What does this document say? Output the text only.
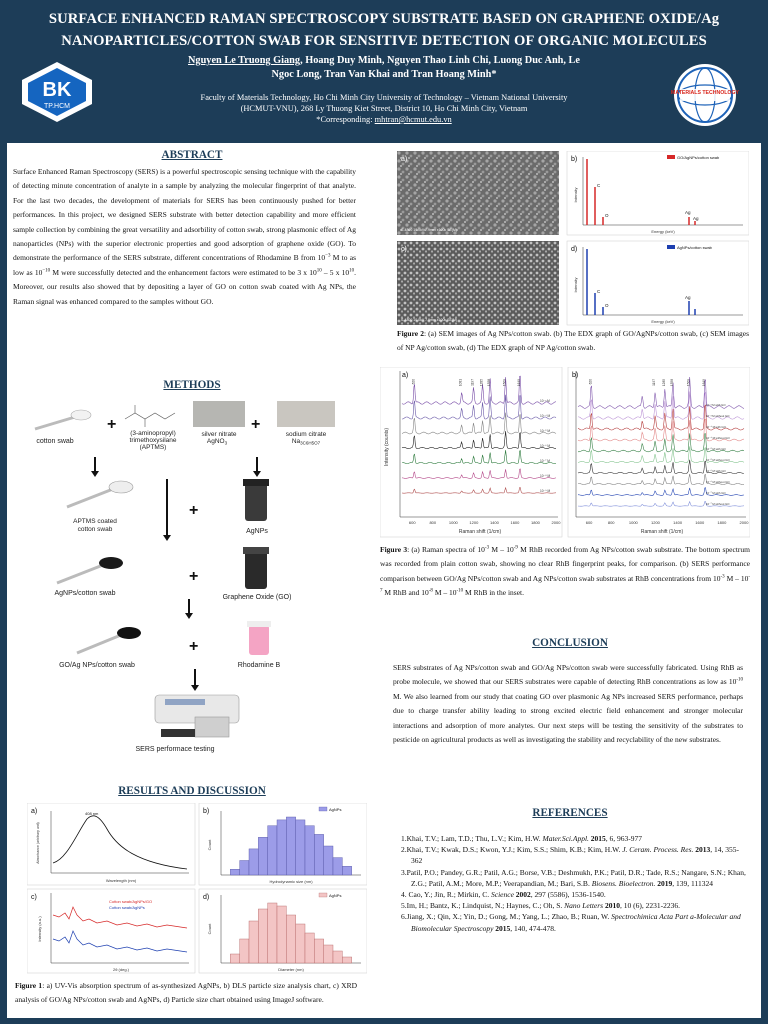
SURFACE ENHANCED RAMAN SPECTROSCOPY SUBSTRATE BASED ON GRAPHENE OXIDE/Ag
NANOPARTICLES/COTTON SWAB FOR SENSITIVE DETECTION OF ORGANIC MOLECULES
BK
TP.HCM
Nguyen Le Truong Giang, Hoang Duy Minh, Nguyen Thao Linh Chi, Luong Duc Anh, Le
Ngoc Long, Tran Van Khai and Tran Hoang Minh*
Faculty of Materials Technology, Ho Chi Minh City University of Technology – Vietnam National University
(HCMUT-VNU), 268 Ly Thuong Kiet Street, District 10, Ho Chi Minh City, Vietnam
*Corresponding: mhtran@hcmut.edu.vn
MATERIALS TECHNOLOGY
ABSTRACT
Surface Enhanced Raman Spectroscopy (SERS) is a powerful spectroscopic sensing technique with the capability of detecting minute concentration of analyte in a sample by analyzing the molecular fingerprint of that analyte. For the last two decades, the development of materials for SERS has been continuously pushed for better performances. In this project, we designed SERS substrate with better detection capability and more efficient sample collection by combining the great versatility and adsorbility of cotton swab, strong plasmonic effect of Ag nanoparticles (NPs) with the superior electronic properties and good adsorption of graphene oxide (GO). To demonstrate the performance of the SERS substrate, different concentrations of Rhodamine B from $10^{-3}$ M to as low as $10^{-10}$ M were successfully detected and the enhancement factors were estimated to be 3 x $10^{10} - 5$ x $10^{10}$. Moreover, our results also showed that by depositing a layer of GO on cotton swab coated with Ag NPs, the Raman signal was enhanced compared to the samples without GO.
METHODS
cotton swab
+
(3-aminopropyl)
trimethoxysilane
(APTMS)
silver nitrate
AgNO$_3$
+
sodium citrate
$Na_{3C6H5O7}$
APTMS coated
cotton swab
+
AgNPs
AgNPs/cotton swab
+
Graphene Oxide (GO)
GO/Ag NPs/cotton swab
+
Rhodamine B
SERS performace testing
RESULTS AND DISCUSSION
a)	408 nm
Wavelength (nm)
Absorbance (arbitrary unit)
AgNPs
Hydrodynamic size (nm)
Count
b)
c)
Cotton swab/AgNPs/GO
Cotton swab/AgNPs
2θ (deg.)
Intensity (a.u.)
AgNPs
Diameter (nm)
Count
d)
Figure 1: a) UV-Vis absorption spectrum of as-synthesized AgNPs, b) DLS particle size analysis chart, c) XRD analysis of GO/Ag NPs/cotton swab and AgNPs, d) Particle size chart obtained using ImageJ software.
a)
S-4800 10.0kV 7.9mm x100k SE(M)
c)
S-4800 10.0kV 7.9mm x100k SE(M)
b)
C
O
Ag
Ag
GO/AgNPs/cotton swab
Intensity
Energy (keV)
d)
C
O
Ag
AgNPs/cotton swab
Intensity
Energy (keV)
Figure 2: (a) SEM images of Ag NPs/cotton swab. (b) The EDX graph of GO/AgNPs/cotton swab, (c) SEM images of NP Ag/cotton swab, (d) The EDX graph of NP Ag/cotton swab.
a)
10⁻³ M
10⁻⁴ M
10⁻⁵ M
10⁻⁶ M
10⁻⁷ M
10⁻⁸ M
10⁻⁹ M
620	1081 1197 1285 1358	1509	1649
600	800	1000	1200	1400	1600	1800	2000
Raman shift (1/cm)
Intensity (counts)
b)
10⁻³ M with GO
10⁻³ M without GO
10⁻⁴ M with GO
10⁻⁴ M without GO
10⁻⁵ M with GO
10⁻⁵ M without GO
10⁻⁶ M with GO
10⁻⁶ M without GO
10⁻⁷ M with GO
10⁻⁷ M without GO
620	1197 1285 1358	1509	1649
600	800	1000	1200	1400	1600	1800	2000
Raman shift (1/cm)
Figure 3: (a) Raman spectra of $10^{-3}$ M – $10^{-9}$ M RhB recorded from Ag NPs/cotton swab substrate. The bottom spectrum was recorded from plain cotton swab, showing no clear RhB fingerprint peaks, for comparison. (b) SERS performance comparison between GO/Ag NPs/cotton swab and Ag NPs/cotton swab substrates at RhB concentrations from $10^{-3}$ M – $10^{-7}$ M RhB and $10^{-8}$ M – $10^{-10}$ M RhB in the inset.
CONCLUSION
SERS substrates of Ag NPs/cotton swab and GO/Ag NPs/cotton swab were successfully fabricated. Using RhB as probe molecule, we showed that our SERS substrates were capable of detecting RhB concentrations as low as $10^{-10}$ M. We also learned from our study that coating GO over plasmonic Ag NPs increased SERS performance, perhaps due to charge transfer ability leading to strong excited electric field enhancement and stronger molecular interactions and adsorption of more analytes. Our next steps will be testing the sensitivity of the substrates to pesticide on agricultural products as well as investigating the stability and recyclability of the new substrates.
REFERENCES
1.Khai, T.V.; Lam, T.D.; Thu, L.V.; Kim, H.W. Mater.Sci.Appl. 2015, 6, 963-977
2.Khai, T.V.; Kwak, D.S.; Kwon, Y.J.; Kim, S.S.; Shim, K.B.; Kim, H.W. J. Ceram. Process. Res. 2013, 14, 355- 362
3.Patil, P.O.; Pandey, G.R.; Patil, A.G.; Borse, V.B.; Deshmukh, P.K.; Patil, D.R.; Tade, R.S.; Nangare, S.N.; Khan, Z.G.; Patil, A.M.; More, M.P.; Veerapandian, M.; Bari, S.B. Biosens. Bioelectron. 2019, 139, 111324
4. Cao, Y.; Jin, R.; Mirkin, C. Science 2002, 297 (5586), 1536-1540.
5.Im, H.; Bantz, K.; Lindquist, N.; Haynes, C.; Oh, S. Nano Letters 2010, 10 (6), 2231-2236.
6.Jiang, X.; Qin, X.; Yin, D.; Gong, M.; Yang, L.; Zhao, B.; Ruan, W. Spectrochimica Acta Part a-Molecular and Biomolecular Spectroscopy 2015, 140, 474-478.
